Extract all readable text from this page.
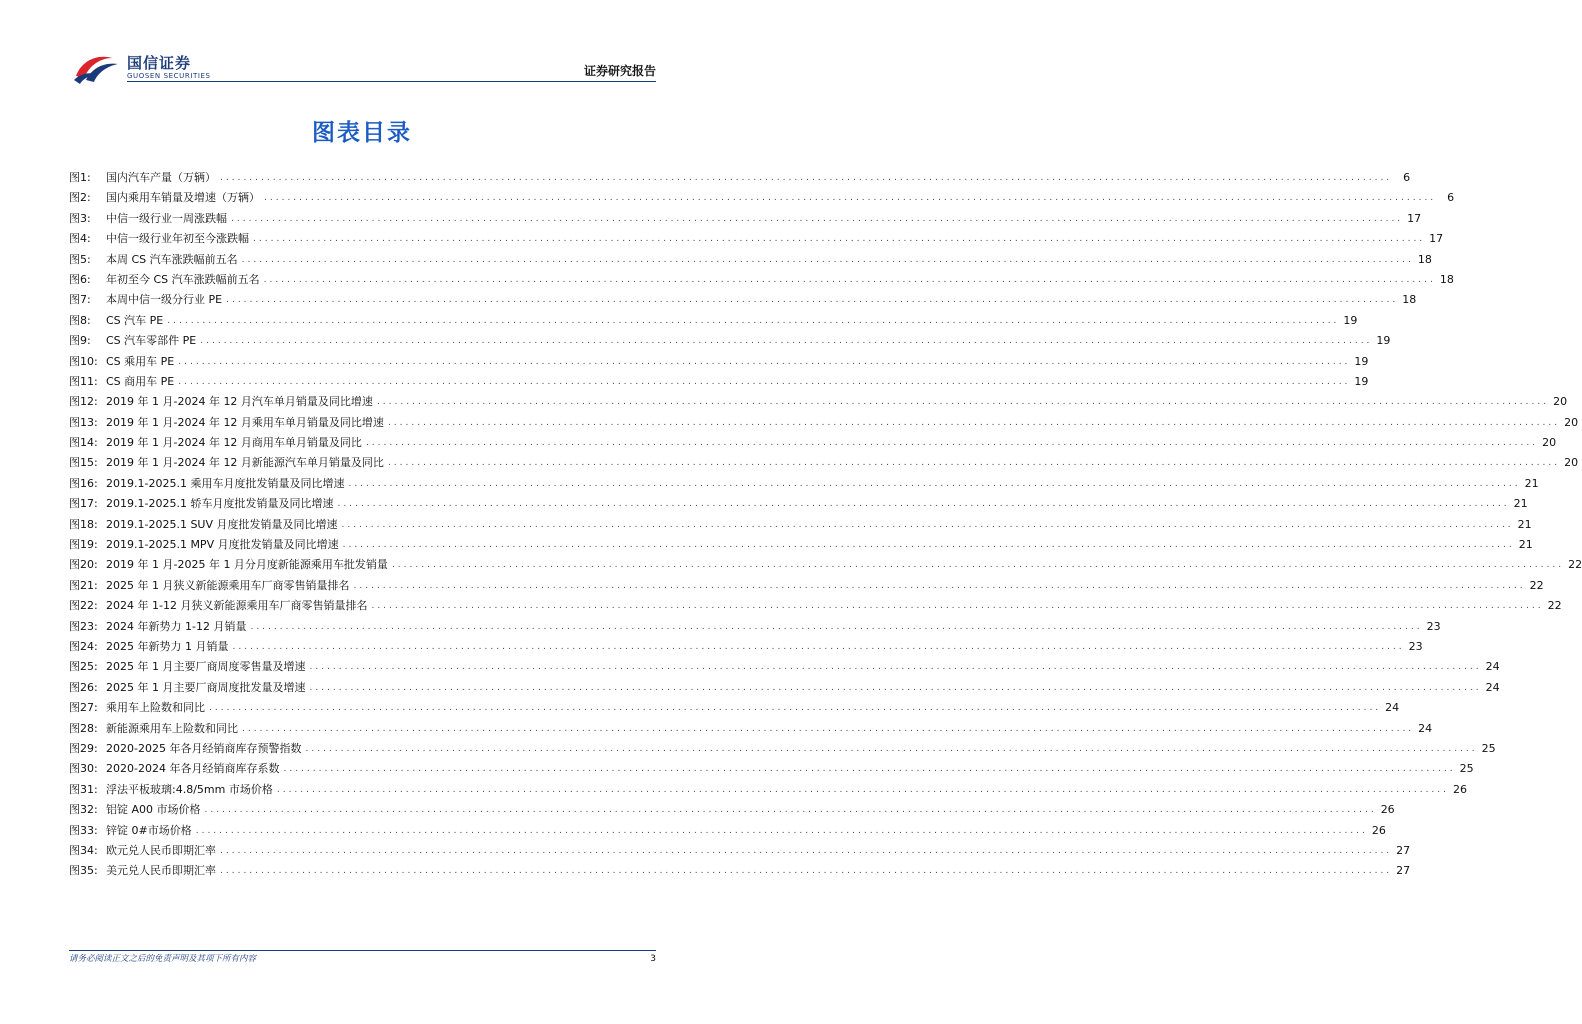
国信证券
GUOSEN SECURITIES	证券研究报告
图表目录
图1:	国内汽车产量（万辆） ........................................................................................................................................................................................................	6
图2:	国内乘用车销量及增速（万辆） ........................................................................................................................................................................................................	6
图3:	中信一级行业一周涨跌幅 ........................................................................................................................................................................................................ 17
图4:	中信一级行业年初至今涨跌幅 ........................................................................................................................................................................................................ 17
图5:	本周 CS 汽车涨跌幅前五名 ........................................................................................................................................................................................................ 18
图6:	年初至今 CS 汽车涨跌幅前五名 ........................................................................................................................................................................................................ 18
图7:	本周中信一级分行业 PE ........................................................................................................................................................................................................ 18
图8:	CS 汽车 PE ........................................................................................................................................................................................................ 19
图9:	CS 汽车零部件 PE ........................................................................................................................................................................................................ 19
图10: CS 乘用车 PE ........................................................................................................................................................................................................ 19
图11: CS 商用车 PE ........................................................................................................................................................................................................ 19
图12: 2019 年 1 月-2024 年 12 月汽车单月销量及同比增速 ........................................................................................................................................................................................................ 20
图13: 2019 年 1 月-2024 年 12 月乘用车单月销量及同比增速 ........................................................................................................................................................................................................ 20
图14: 2019 年 1 月-2024 年 12 月商用车单月销量及同比 ........................................................................................................................................................................................................ 20
图15: 2019 年 1 月-2024 年 12 月新能源汽车单月销量及同比 ........................................................................................................................................................................................................ 20
图16: 2019.1-2025.1 乘用车月度批发销量及同比增速 ........................................................................................................................................................................................................ 21
图17: 2019.1-2025.1 轿车月度批发销量及同比增速 ........................................................................................................................................................................................................ 21
图18: 2019.1-2025.1 SUV 月度批发销量及同比增速 ........................................................................................................................................................................................................ 21
图19: 2019.1-2025.1 MPV 月度批发销量及同比增速 ........................................................................................................................................................................................................ 21
图20: 2019 年 1 月-2025 年 1 月分月度新能源乘用车批发销量 ........................................................................................................................................................................................................ 22
图21: 2025 年 1 月狭义新能源乘用车厂商零售销量排名 ........................................................................................................................................................................................................ 22
图22: 2024 年 1-12 月狭义新能源乘用车厂商零售销量排名 ........................................................................................................................................................................................................ 22
图23: 2024 年新势力 1-12 月销量 ........................................................................................................................................................................................................ 23
图24: 2025 年新势力 1 月销量 ........................................................................................................................................................................................................ 23
图25: 2025 年 1 月主要厂商周度零售量及增速 ........................................................................................................................................................................................................ 24
图26: 2025 年 1 月主要厂商周度批发量及增速 ........................................................................................................................................................................................................ 24
图27: 乘用车上险数和同比 ........................................................................................................................................................................................................ 24
图28: 新能源乘用车上险数和同比 ........................................................................................................................................................................................................ 24
图29: 2020-2025 年各月经销商库存预警指数 ........................................................................................................................................................................................................ 25
图30: 2020-2024 年各月经销商库存系数 ........................................................................................................................................................................................................ 25
图31: 浮法平板玻璃:4.8/5mm 市场价格 ........................................................................................................................................................................................................ 26
图32: 铝锭 A00 市场价格 ........................................................................................................................................................................................................ 26
图33: 锌锭 0#市场价格 ........................................................................................................................................................................................................ 26
图34: 欧元兑人民币即期汇率 ........................................................................................................................................................................................................ 27
图35: 美元兑人民币即期汇率 ........................................................................................................................................................................................................ 27
请务必阅读正文之后的免责声明及其项下所有内容	3
